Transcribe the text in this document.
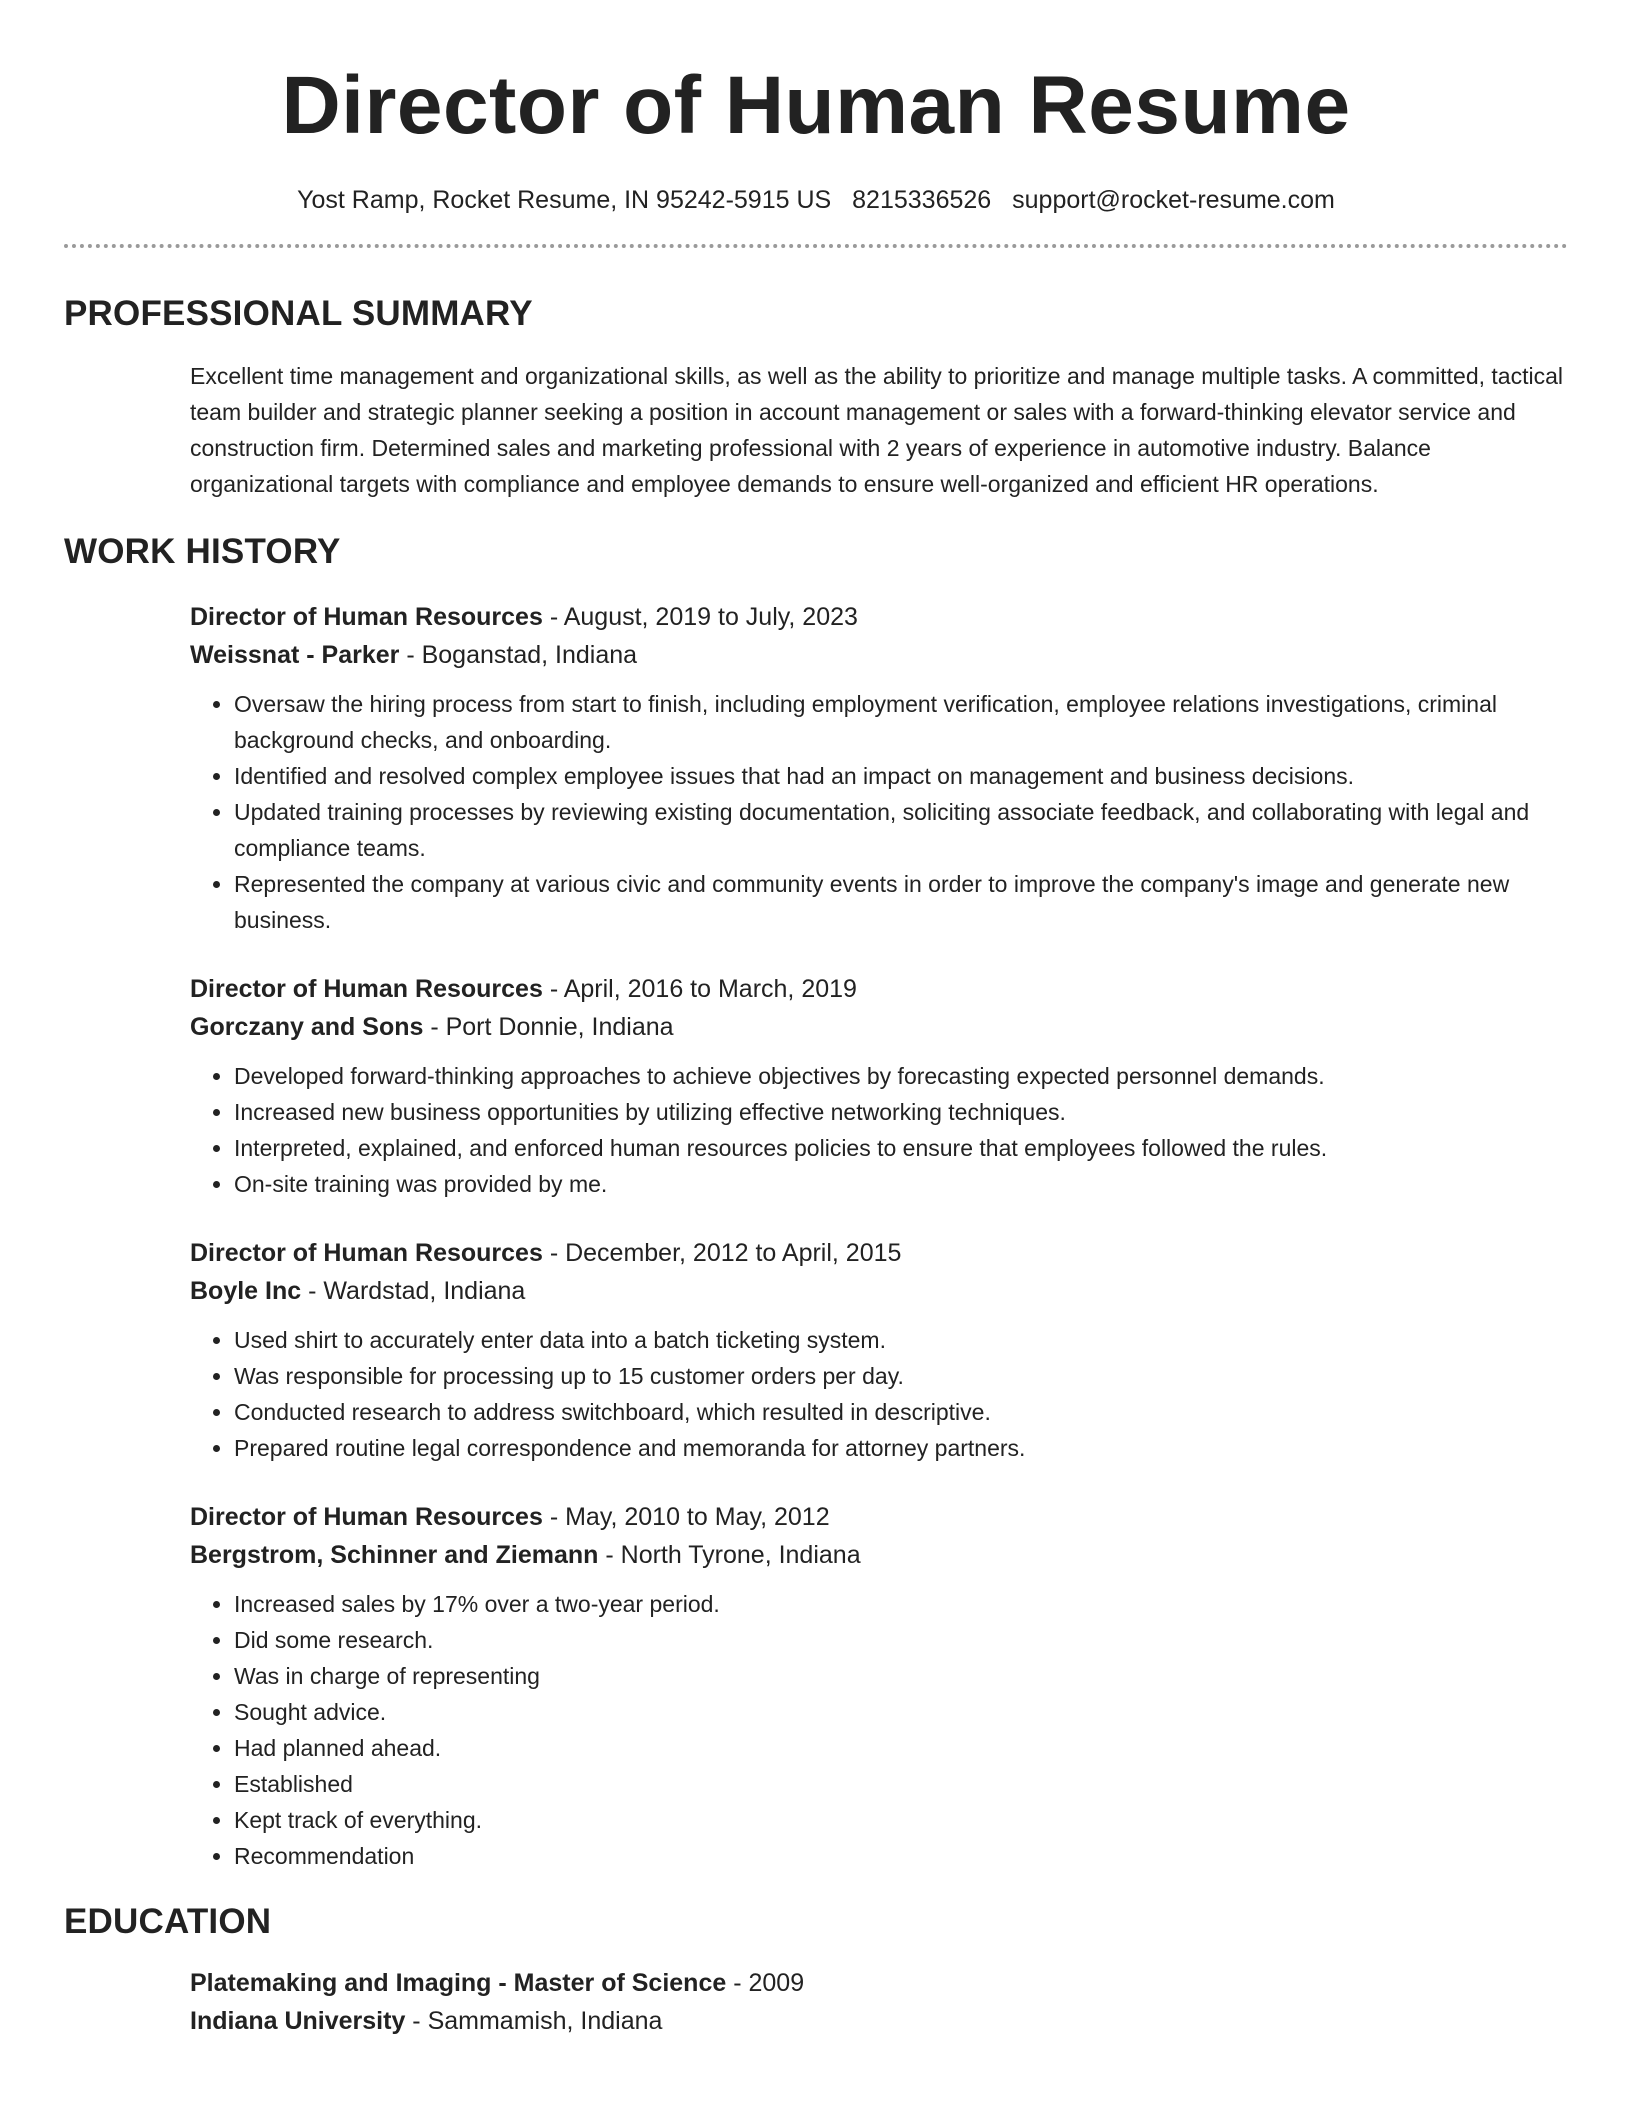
Director of Human Resume
Yost Ramp, Rocket Resume, IN 95242-5915 US 8215336526 support@rocket-resume.com
PROFESSIONAL SUMMARY
Excellent time management and organizational skills, as well as the ability to prioritize and manage multiple tasks. A committed, tactical team builder and strategic planner seeking a position in account management or sales with a forward-thinking elevator service and construction firm. Determined sales and marketing professional with 2 years of experience in automotive industry. Balance organizational targets with compliance and employee demands to ensure well-organized and efficient HR operations.
WORK HISTORY
Director of Human Resources - August, 2019 to July, 2023
Weissnat - Parker - Boganstad, Indiana
• Oversaw the hiring process from start to finish, including employment verification, employee relations investigations, criminal background checks, and onboarding.
• Identified and resolved complex employee issues that had an impact on management and business decisions.
• Updated training processes by reviewing existing documentation, soliciting associate feedback, and collaborating with legal and compliance teams.
• Represented the company at various civic and community events in order to improve the company's image and generate new business.
Director of Human Resources - April, 2016 to March, 2019
Gorczany and Sons - Port Donnie, Indiana
• Developed forward-thinking approaches to achieve objectives by forecasting expected personnel demands.
• Increased new business opportunities by utilizing effective networking techniques.
• Interpreted, explained, and enforced human resources policies to ensure that employees followed the rules.
• On-site training was provided by me.
Director of Human Resources - December, 2012 to April, 2015
Boyle Inc - Wardstad, Indiana
• Used shirt to accurately enter data into a batch ticketing system.
• Was responsible for processing up to 15 customer orders per day.
• Conducted research to address switchboard, which resulted in descriptive.
• Prepared routine legal correspondence and memoranda for attorney partners.
Director of Human Resources - May, 2010 to May, 2012
Bergstrom, Schinner and Ziemann - North Tyrone, Indiana
• Increased sales by 17% over a two-year period.
• Did some research.
• Was in charge of representing
• Sought advice.
• Had planned ahead.
• Established
• Kept track of everything.
• Recommendation
EDUCATION
Platemaking and Imaging - Master of Science - 2009
Indiana University - Sammamish, Indiana
